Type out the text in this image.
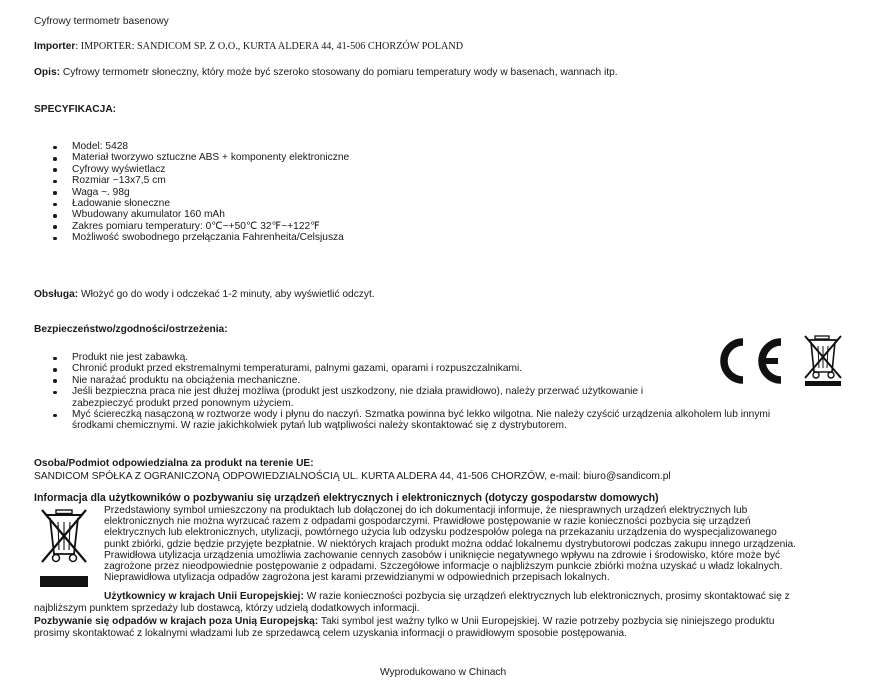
Cyfrowy termometr basenowy
Importer: IMPORTER: SANDICOM SP. Z O.O., KURTA ALDERA 44, 41-506 CHORZÓW POLAND
Opis: Cyfrowy termometr słoneczny, który może być szeroko stosowany do pomiaru temperatury wody w basenach, wannach itp.
SPECYFIKACJA:
Model: 5428
Materiał tworzywo sztuczne ABS + komponenty elektroniczne
Cyfrowy wyświetlacz
Rozmiar ~13x7,5 cm
Waga ~. 98g
Ładowanie słoneczne
Wbudowany akumulator 160 mAh
Zakres pomiaru temperatury: 0℃~+50℃ 32℉~+122℉
Możliwość swobodnego przełączania Fahrenheita/Celsjusza
Obsługa: Włożyć go do wody i odczekać 1-2 minuty, aby wyświetlić odczyt.
Bezpieczeństwo/zgodności/ostrzeżenia:
Produkt nie jest zabawką.
Chronić produkt przed ekstremalnymi temperaturami, palnymi gazami, oparami i rozpuszczalnikami.
Nie narażać produktu na obciążenia mechaniczne.
Jeśli bezpieczna praca nie jest dłużej możliwa (produkt jest uszkodzony, nie działa prawidłowo), należy przerwać użytkowanie i
zabezpieczyć produkt przed ponownym użyciem.
Myć ściereczką nasączoną w roztworze wody i płynu do naczyń. Szmatka powinna być lekko wilgotna. Nie należy czyścić urządzenia alkoholem lub innymi
środkami chemicznymi. W razie jakichkolwiek pytań lub wątpliwości należy skontaktować się z dystrybutorem.
Osoba/Podmiot odpowiedzialna za produkt na terenie UE:
SANDICOM SPÓŁKA Z OGRANICZONĄ ODPOWIEDZIALNOŚCIĄ UL. KURTA ALDERA 44, 41-506 CHORZÓW, e-mail: biuro@sandicom.pl
Informacja dla użytkowników o pozbywaniu się urządzeń elektrycznych i elektronicznych (dotyczy gospodarstw domowych)
Przedstawiony symbol umieszczony na produktach lub dołączonej do ich dokumentacji informuje, że niesprawnych urządzeń elektrycznych lub
elektronicznych nie można wyrzucać razem z odpadami gospodarczymi. Prawidłowe postępowanie w razie konieczności pozbycia się urządzeń
elektrycznych lub elektronicznych, utylizacji, powtórnego użycia lub odzysku podzespołów polega na przekazaniu urządzenia do wyspecjalizowanego
punkt zbiórki, gdzie będzie przyjęte bezpłatnie. W niektórych krajach produkt można oddać lokalnemu dystrybutorowi podczas zakupu innego urządzenia.
Prawidłowa utylizacja urządzenia umożliwia zachowanie cennych zasobów i uniknięcie negatywnego wpływu na zdrowie i środowisko, które może być
zagrożone przez nieodpowiednie postępowanie z odpadami. Szczegółowe informacje o najbliższym punkcie zbiórki można uzyskać u władz lokalnych.
Nieprawidłowa utylizacja odpadów zagrożona jest karami przewidzianymi w odpowiednich przepisach lokalnych.
Użytkownicy w krajach Unii Europejskiej: W razie konieczności pozbycia się urządzeń elektrycznych lub elektronicznych, prosimy skontaktować się z
najbliższym punktem sprzedaży lub dostawcą, którzy udzielą dodatkowych informacji.
Pozbywanie się odpadów w krajach poza Unią Europejską: Taki symbol jest ważny tylko w Unii Europejskiej. W razie potrzeby pozbycia się niniejszego produktu
prosimy skontaktować z lokalnymi władzami lub ze sprzedawcą celem uzyskania informacji o prawidłowym sposobie postępowania.
Wyprodukowano w Chinach
